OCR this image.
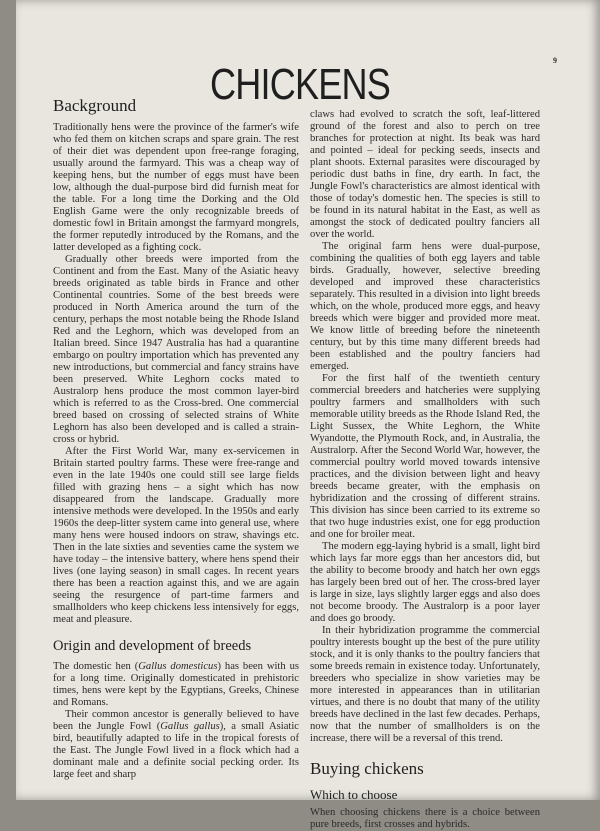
9
CHICKENS
Background

Traditionally hens were the province of the farmer's wife who fed them on kitchen scraps and spare grain. The rest of their diet was dependent upon free-range foraging, usually around the farmyard. This was a cheap way of keeping hens, but the number of eggs must have been low, although the dual-purpose bird did furnish meat for the table. For a long time the Dorking and the Old English Game were the only recognizable breeds of domestic fowl in Britain amongst the farmyard mongrels, the former reputedly introduced by the Romans, and the latter developed as a fighting cock.

Gradually other breeds were imported from the Continent and from the East. Many of the Asiatic heavy breeds originated as table birds in France and other Continental countries. Some of the best breeds were produced in North America around the turn of the century, perhaps the most notable being the Rhode Island Red and the Leghorn, which was developed from an Italian breed. Since 1947 Australia has had a quarantine embargo on poultry importation which has prevented any new introductions, but commercial and fancy strains have been preserved. White Leghorn cocks mated to Australorp hens produce the most common layer-bird which is referred to as the Cross-bred. One commercial breed based on crossing of selected strains of White Leghorn has also been developed and is called a strain-cross or hybrid.

After the First World War, many ex-servicemen in Britain started poultry farms. These were free-range and even in the late 1940s one could still see large fields filled with grazing hens – a sight which has now disappeared from the landscape. Gradually more intensive methods were developed. In the 1950s and early 1960s the deep-litter system came into general use, where many hens were housed indoors on straw, shavings etc. Then in the late sixties and seventies came the system we have today – the intensive battery, where hens spend their lives (one laying season) in small cages. In recent years there has been a reaction against this, and we are again seeing the resurgence of part-time farmers and smallholders who keep chickens less intensively for eggs, meat and pleasure.

Origin and development of breeds

The domestic hen (Gallus domesticus) has been with us for a long time. Originally domesticated in prehistoric times, hens were kept by the Egyptians, Greeks, Chinese and Romans.

Their common ancestor is generally believed to have been the Jungle Fowl (Gallus gallus), a small Asiatic bird, beautifully adapted to life in the tropical forests of the East. The Jungle Fowl lived in a flock which had a dominant male and a definite social pecking order. Its large feet and sharp

claws had evolved to scratch the soft, leaf-littered ground of the forest and also to perch on tree branches for protection at night. Its beak was hard and pointed – ideal for pecking seeds, insects and plant shoots. External parasites were discouraged by periodic dust baths in fine, dry earth. In fact, the Jungle Fowl's characteristics are almost identical with those of today's domestic hen. The species is still to be found in its natural habitat in the East, as well as amongst the stock of dedicated poultry fanciers all over the world.

The original farm hens were dual-purpose, combining the qualities of both egg layers and table birds. Gradually, however, selective breeding developed and improved these characteristics separately. This resulted in a division into light breeds which, on the whole, produced more eggs, and heavy breeds which were bigger and provided more meat. We know little of breeding before the nineteenth century, but by this time many different breeds had been established and the poultry fanciers had emerged.

For the first half of the twentieth century commercial breeders and hatcheries were supplying poultry farmers and smallholders with such memorable utility breeds as the Rhode Island Red, the Light Sussex, the White Leghorn, the White Wyandotte, the Plymouth Rock, and, in Australia, the Australorp. After the Second World War, however, the commercial poultry world moved towards intensive practices, and the division between light and heavy breeds became greater, with the emphasis on hybridization and the crossing of different strains. This division has since been carried to its extreme so that two huge industries exist, one for egg production and one for broiler meat.

The modern egg-laying hybrid is a small, light bird which lays far more eggs than her ancestors did, but the ability to become broody and hatch her own eggs has largely been bred out of her. The cross-bred layer is large in size, lays slightly larger eggs and also does not become broody. The Australorp is a poor layer and does go broody.

In their hybridization programme the commercial poultry interests bought up the best of the pure utility stock, and it is only thanks to the poultry fanciers that some breeds remain in existence today. Unfortunately, breeders who specialize in show varieties may be more interested in appearances than in utilitarian virtues, and there is no doubt that many of the utility breeds have declined in the last few decades. Perhaps, now that the number of smallholders is on the increase, there will be a reversal of this trend.

Buying chickens
Which to choose

When choosing chickens there is a choice between pure breeds, first crosses and hybrids.
